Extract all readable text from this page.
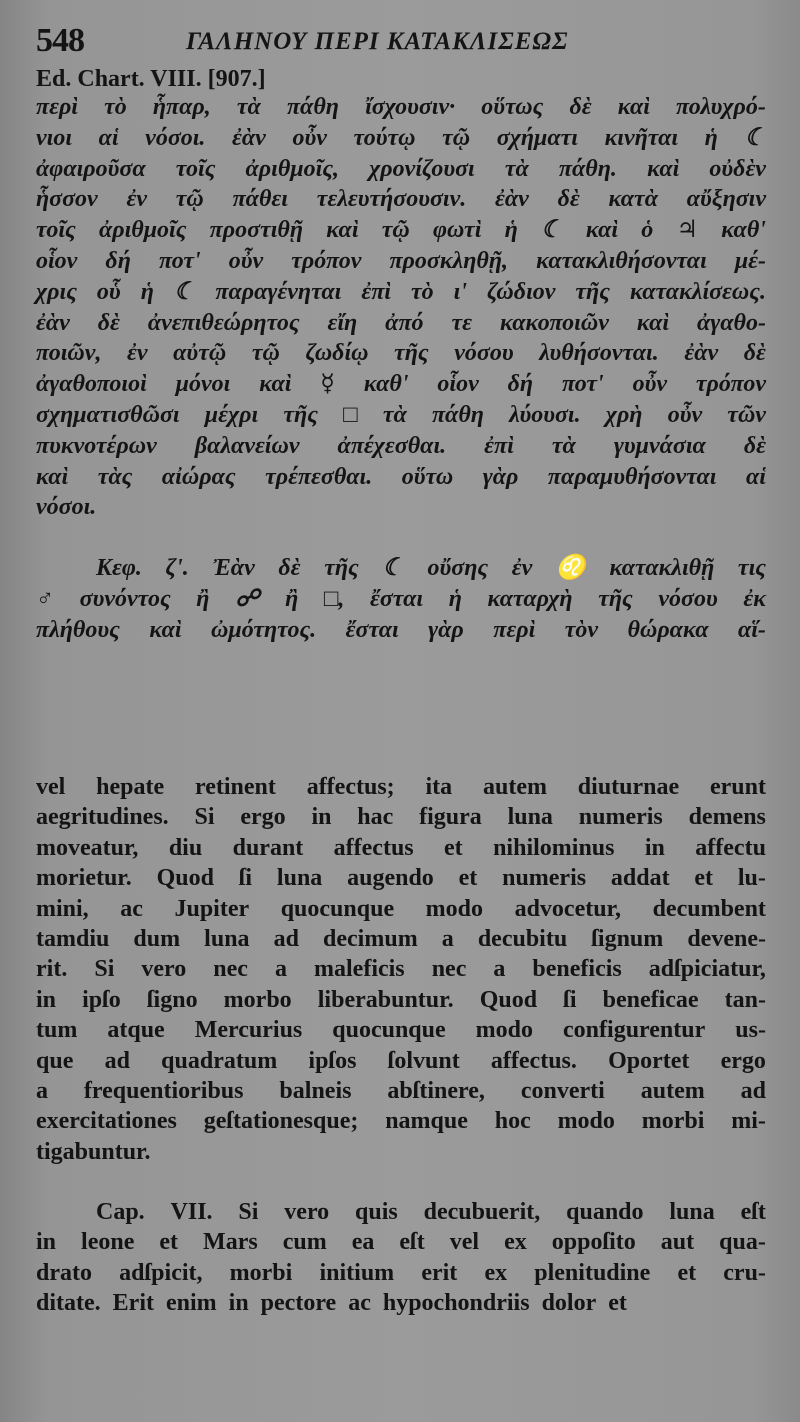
548	ΓΑΛΗΝΟΥ ΠΕΡΙ ΚΑΤΑΚΛΙΣΕΩΣ
Ed. Chart. VIII. [907.]
περὶ τὸ ἧπαρ, τὰ πάθη ἴσχουσιν· οὕτως δὲ καὶ πολυχρό-
νιοι αἱ νόσοι. ἐὰν οὖν τούτῳ τῷ σχήματι κινῆται ἡ ☾
ἀφαιροῦσα τοῖς ἀριθμοῖς, χρονίζουσι τὰ πάθη. καὶ οὐδὲν
ἧσσον ἐν τῷ πάθει τελευτήσουσιν. ἐὰν δὲ κατὰ αὔξησιν
τοῖς ἀριθμοῖς προστιθῇ καὶ τῷ φωτὶ ἡ ☾ καὶ ὁ ♃ καθ'
οἷον δή ποτ' οὖν τρόπον προσκληθῇ, κατακλιθήσονται μέ-
χρις οὗ ἡ ☾ παραγένηται ἐπὶ τὸ ι' ζώδιον τῆς κατακλίσεως.
ἐὰν δὲ ἀνεπιθεώρητος εἴη ἀπό τε κακοποιῶν καὶ ἀγαθο-
ποιῶν, ἐν αὐτῷ τῷ ζωδίῳ τῆς νόσου λυθήσονται. ἐὰν δὲ
ἀγαθοποιοὶ μόνοι καὶ ☿ καθ' οἷον δή ποτ' οὖν τρόπον
σχηματισθῶσι μέχρι τῆς □ τὰ πάθη λύουσι. χρὴ οὖν τῶν
πυκνοτέρων βαλανείων ἀπέχεσθαι. ἐπὶ τὰ γυμνάσια δὲ
καὶ τὰς αἰώρας τρέπεσθαι. οὕτω γὰρ παραμυθήσονται αἱ
νόσοι.
Κεφ. ζ'. Ἐὰν δὲ τῆς ☾ οὔσης ἐν ♌ κατακλιθῇ τις
♂ συνόντος ἢ ☍ ἢ □, ἔσται ἡ καταρχὴ τῆς νόσου ἐκ
πλήθους καὶ ὠμότητος. ἔσται γὰρ περὶ τὸν θώρακα αἵ-
vel hepate retinent affectus; ita autem diuturnae erunt
aegritudines. Si ergo in hac figura luna numeris demens
moveatur, diu durant affectus et nihilominus in affectu
morietur. Quod ſi luna augendo et numeris addat et lu-
mini, ac Jupiter quocunque modo advocetur, decumbent
tamdiu dum luna ad decimum a decubitu ſignum devene-
rit. Si vero nec a maleficis nec a beneficis adſpiciatur,
in ipſo ſigno morbo liberabuntur. Quod ſi beneficae tan-
tum atque Mercurius quocunque modo configurentur us-
que ad quadratum ipſos ſolvunt affectus. Oportet ergo
a frequentioribus balneis abſtinere, converti autem ad
exercitationes geſtationesque; namque hoc modo morbi mi-
tigabuntur.
Cap. VII. Si vero quis decubuerit, quando luna eſt
in leone et Mars cum ea eſt vel ex oppoſito aut qua-
drato adſpicit, morbi initium erit ex plenitudine et cru-
ditate. Erit enim in pectore ac hypochondriis dolor et
